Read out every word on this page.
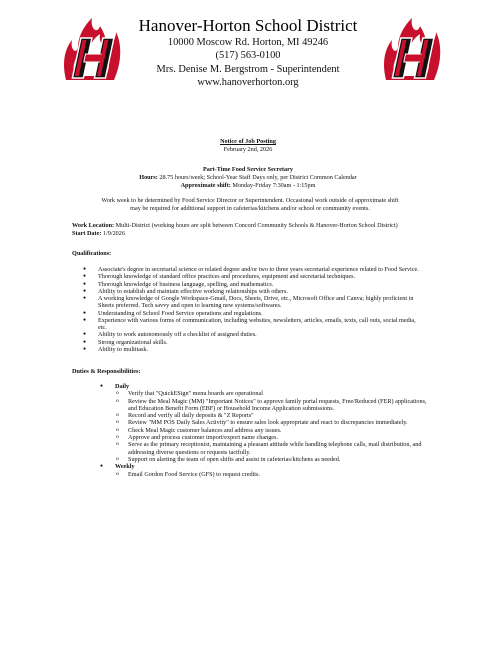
Hanover-Horton School District
10000 Moscow Rd. Horton, MI 49246
(517) 563-0100
Mrs. Denise M. Bergstrom - Superintendent
www.hanoverhorton.org
Notice of Job Posting
February 2nd, 2026
Part-Time Food Service Secretary
Hours: 28.75 hours/week; School-Year Staff Days only, per District Common Calendar
Approximate shift: Monday-Friday 7:30am - 1:15pm
Work week to be determined by Food Service Director or Superintendent. Occasional work outside of approximate shift may be required for additional support in cafeterias/kitchens and/or school or community events.
Work Location: Multi-District (working hours are split between Concord Community Schools & Hanover-Horton School District)
Start Date: 1/9/2026
Qualifications:
● Associate's degree in secretarial science or related degree and/or two to three years secretarial experience related to Food Service.
● Thorough knowledge of standard office practices and procedures, equipment and secretarial techniques.
● Thorough knowledge of business language, spelling, and mathematics.
● Ability to establish and maintain effective working relationships with others.
● A working knowledge of Google Workspace-Gmail, Docs, Sheets, Drive, etc., Microsoft Office and Canva; highly proficient in Sheets preferred. Tech savvy and open to learning new systems/softwares.
● Understanding of School Food Service operations and regulations.
● Experience with various forms of communication, including websites, newsletters, articles, emails, texts, call outs, social media, etc.
● Ability to work autonomously off a checklist of assigned duties.
● Strong organizational skills.
● Ability to multitask.
Duties & Responsibilities:
● Daily
o Verify that "QuickESign" menu boards are operational
o Review the Meal Magic (MM) "Important Notices" to approve family portal requests, Free/Reduced (FER) applications, and Education Benefit Form (EBF) or Household Income Application submissions.
o Record and verify all daily deposits & "Z Reports"
o Review "MM POS Daily Sales Activity" to ensure sales look appropriate and react to discrepancies immediately.
o Check Meal Magic customer balances and address any issues.
o Approve and process customer import/export name changes.
o Serve as the primary receptionist, maintaining a pleasant attitude while handling telephone calls, mail distribution, and addressing diverse questions or requests tactfully.
o Support on alerting the team of open shifts and assist in cafeterias/kitchens as needed.
● Weekly
o Email Gordon Food Service (GFS) to request credits.
